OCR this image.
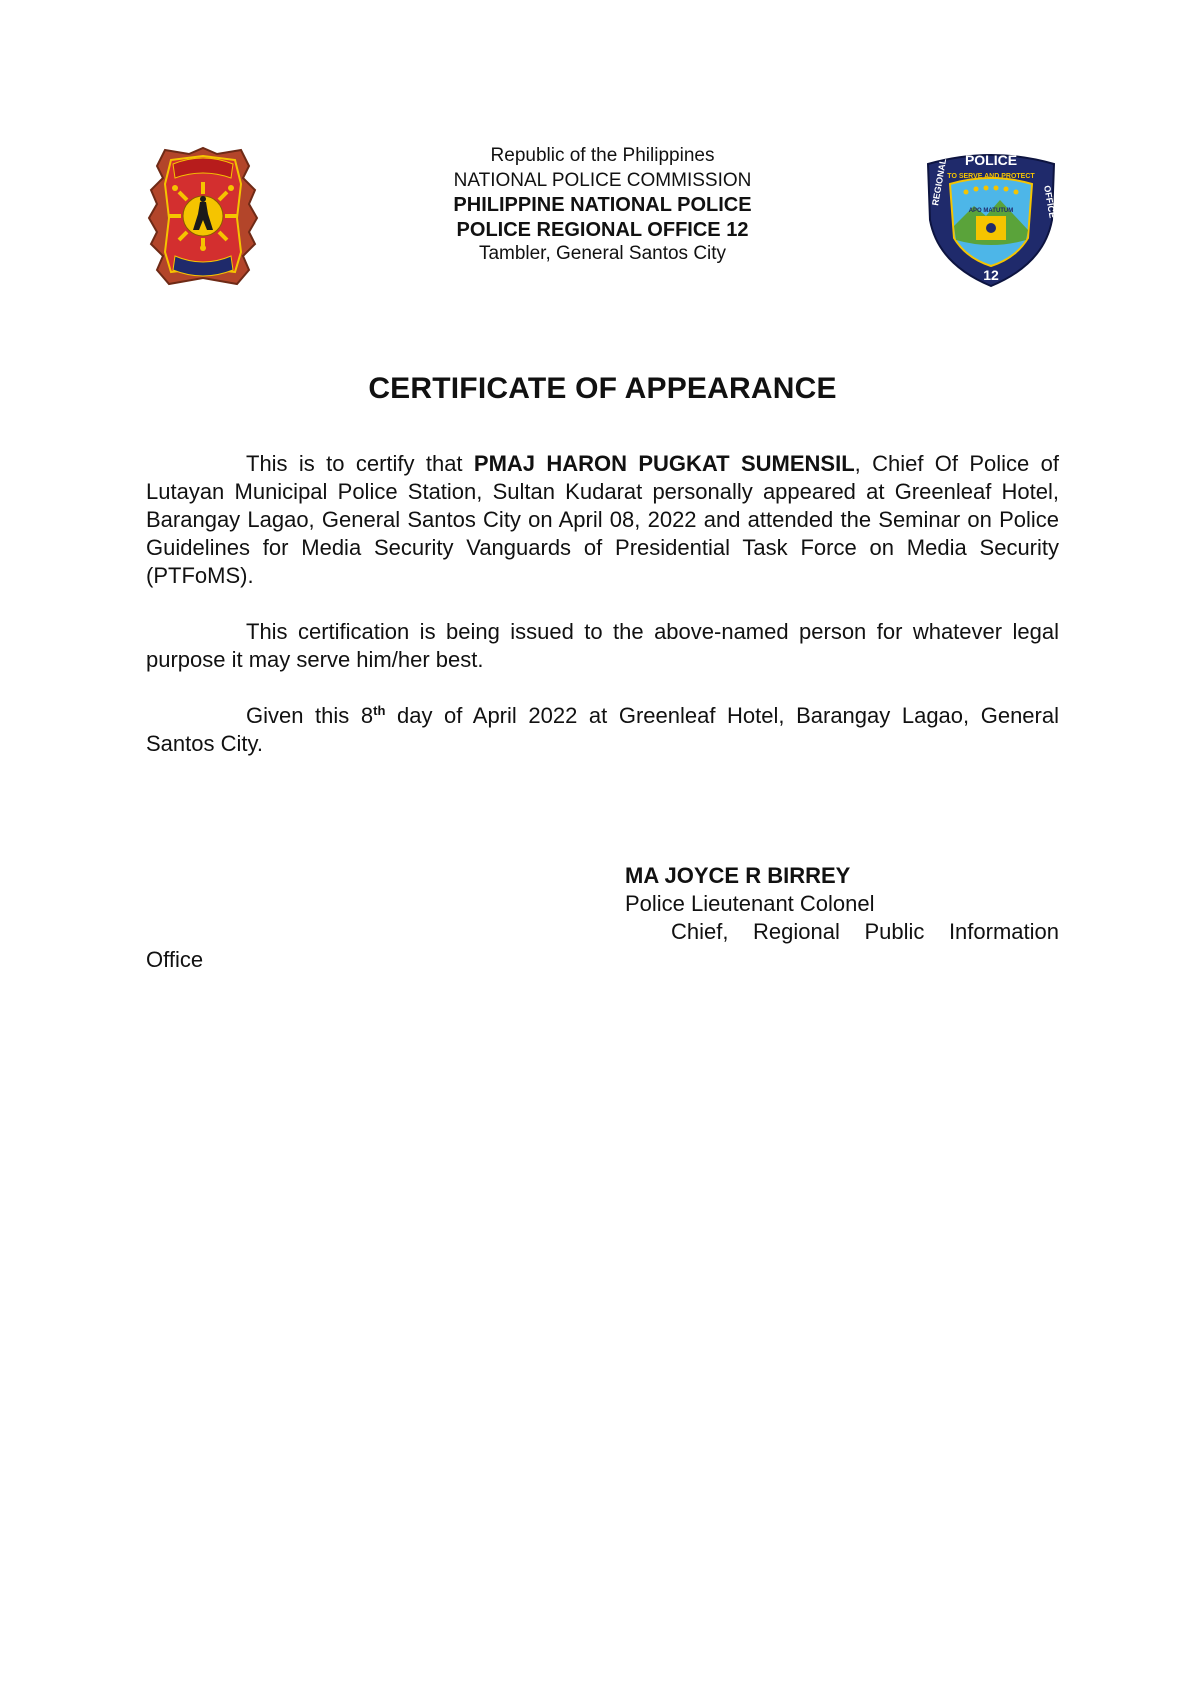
Republic of the Philippines
NATIONAL POLICE COMMISSION
PHILIPPINE NATIONAL POLICE
POLICE REGIONAL OFFICE 12
Tambler, General Santos City
POLICE
TO SERVE AND PROTECT
APO MATUTUM
12
REGIONAL	OFFICE
CERTIFICATE OF APPEARANCE
This is to certify that PMAJ HARON PUGKAT SUMENSIL, Chief Of Police of Lutayan Municipal Police Station, Sultan Kudarat personally appeared at Greenleaf Hotel, Barangay Lagao, General Santos City on April 08, 2022 and attended the Seminar on Police Guidelines for Media Security Vanguards of Presidential Task Force on Media Security (PTFoMS).
This certification is being issued to the above-named person for whatever legal purpose it may serve him/her best.
Given this 8th day of April 2022 at Greenleaf Hotel, Barangay Lagao, General Santos City.
MA JOYCE R BIRREY
Police Lieutenant Colonel
Chief, Regional Public Information
Office
